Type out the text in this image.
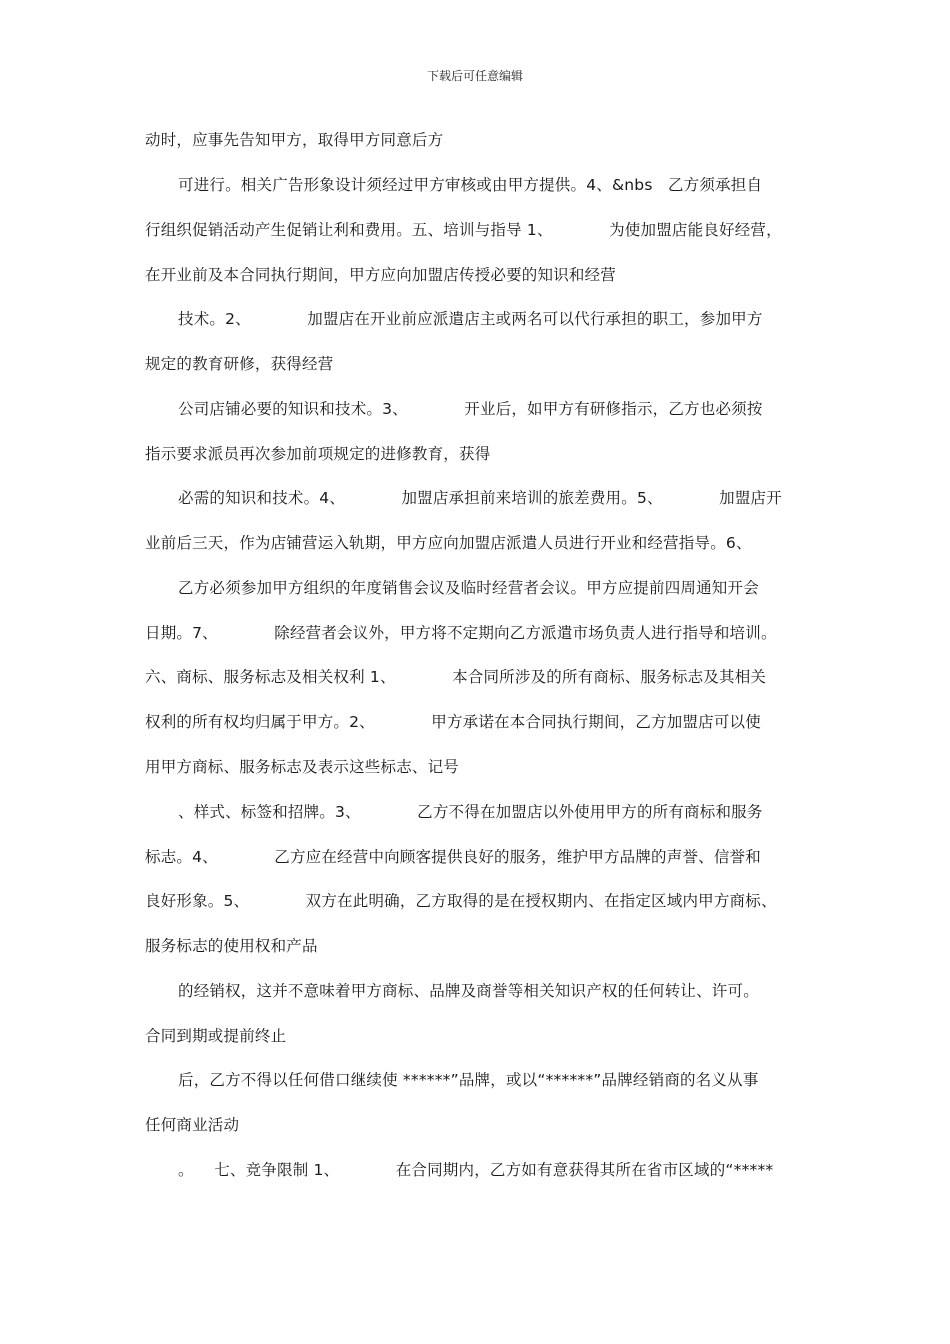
下载后可任意编辑
动时，应事先告知甲方，取得甲方同意后方
可进行。相关广告形象设计须经过甲方审核或由甲方提供。4、&nbs   乙方须承担自
行组织促销活动产生促销让利和费用。五、培训与指导 1、           为使加盟店能良好经营，
在开业前及本合同执行期间，甲方应向加盟店传授必要的知识和经营
技术。2、           加盟店在开业前应派遣店主或两名可以代行承担的职工，参加甲方
规定的教育研修，获得经营
公司店铺必要的知识和技术。3、           开业后，如甲方有研修指示，乙方也必须按
指示要求派员再次参加前项规定的进修教育，获得
必需的知识和技术。4、           加盟店承担前来培训的旅差费用。5、           加盟店开
业前后三天，作为店铺营运入轨期，甲方应向加盟店派遣人员进行开业和经营指导。6、
乙方必须参加甲方组织的年度销售会议及临时经营者会议。甲方应提前四周通知开会
日期。7、           除经营者会议外，甲方将不定期向乙方派遣市场负责人进行指导和培训。
六、商标、服务标志及相关权利 1、           本合同所涉及的所有商标、服务标志及其相关
权利的所有权均归属于甲方。2、           甲方承诺在本合同执行期间，乙方加盟店可以使
用甲方商标、服务标志及表示这些标志、记号
、样式、标签和招牌。3、           乙方不得在加盟店以外使用甲方的所有商标和服务
标志。4、           乙方应在经营中向顾客提供良好的服务，维护甲方品牌的声誉、信誉和
良好形象。5、           双方在此明确，乙方取得的是在授权期内、在指定区域内甲方商标、
服务标志的使用权和产品
的经销权，这并不意味着甲方商标、品牌及商誉等相关知识产权的任何转让、许可。
合同到期或提前终止
后，乙方不得以任何借口继续使 ******”品牌，或以“******”品牌经销商的名义从事
任何商业活动
。    七、竞争限制 1、           在合同期内，乙方如有意获得其所在省市区域的“*****
